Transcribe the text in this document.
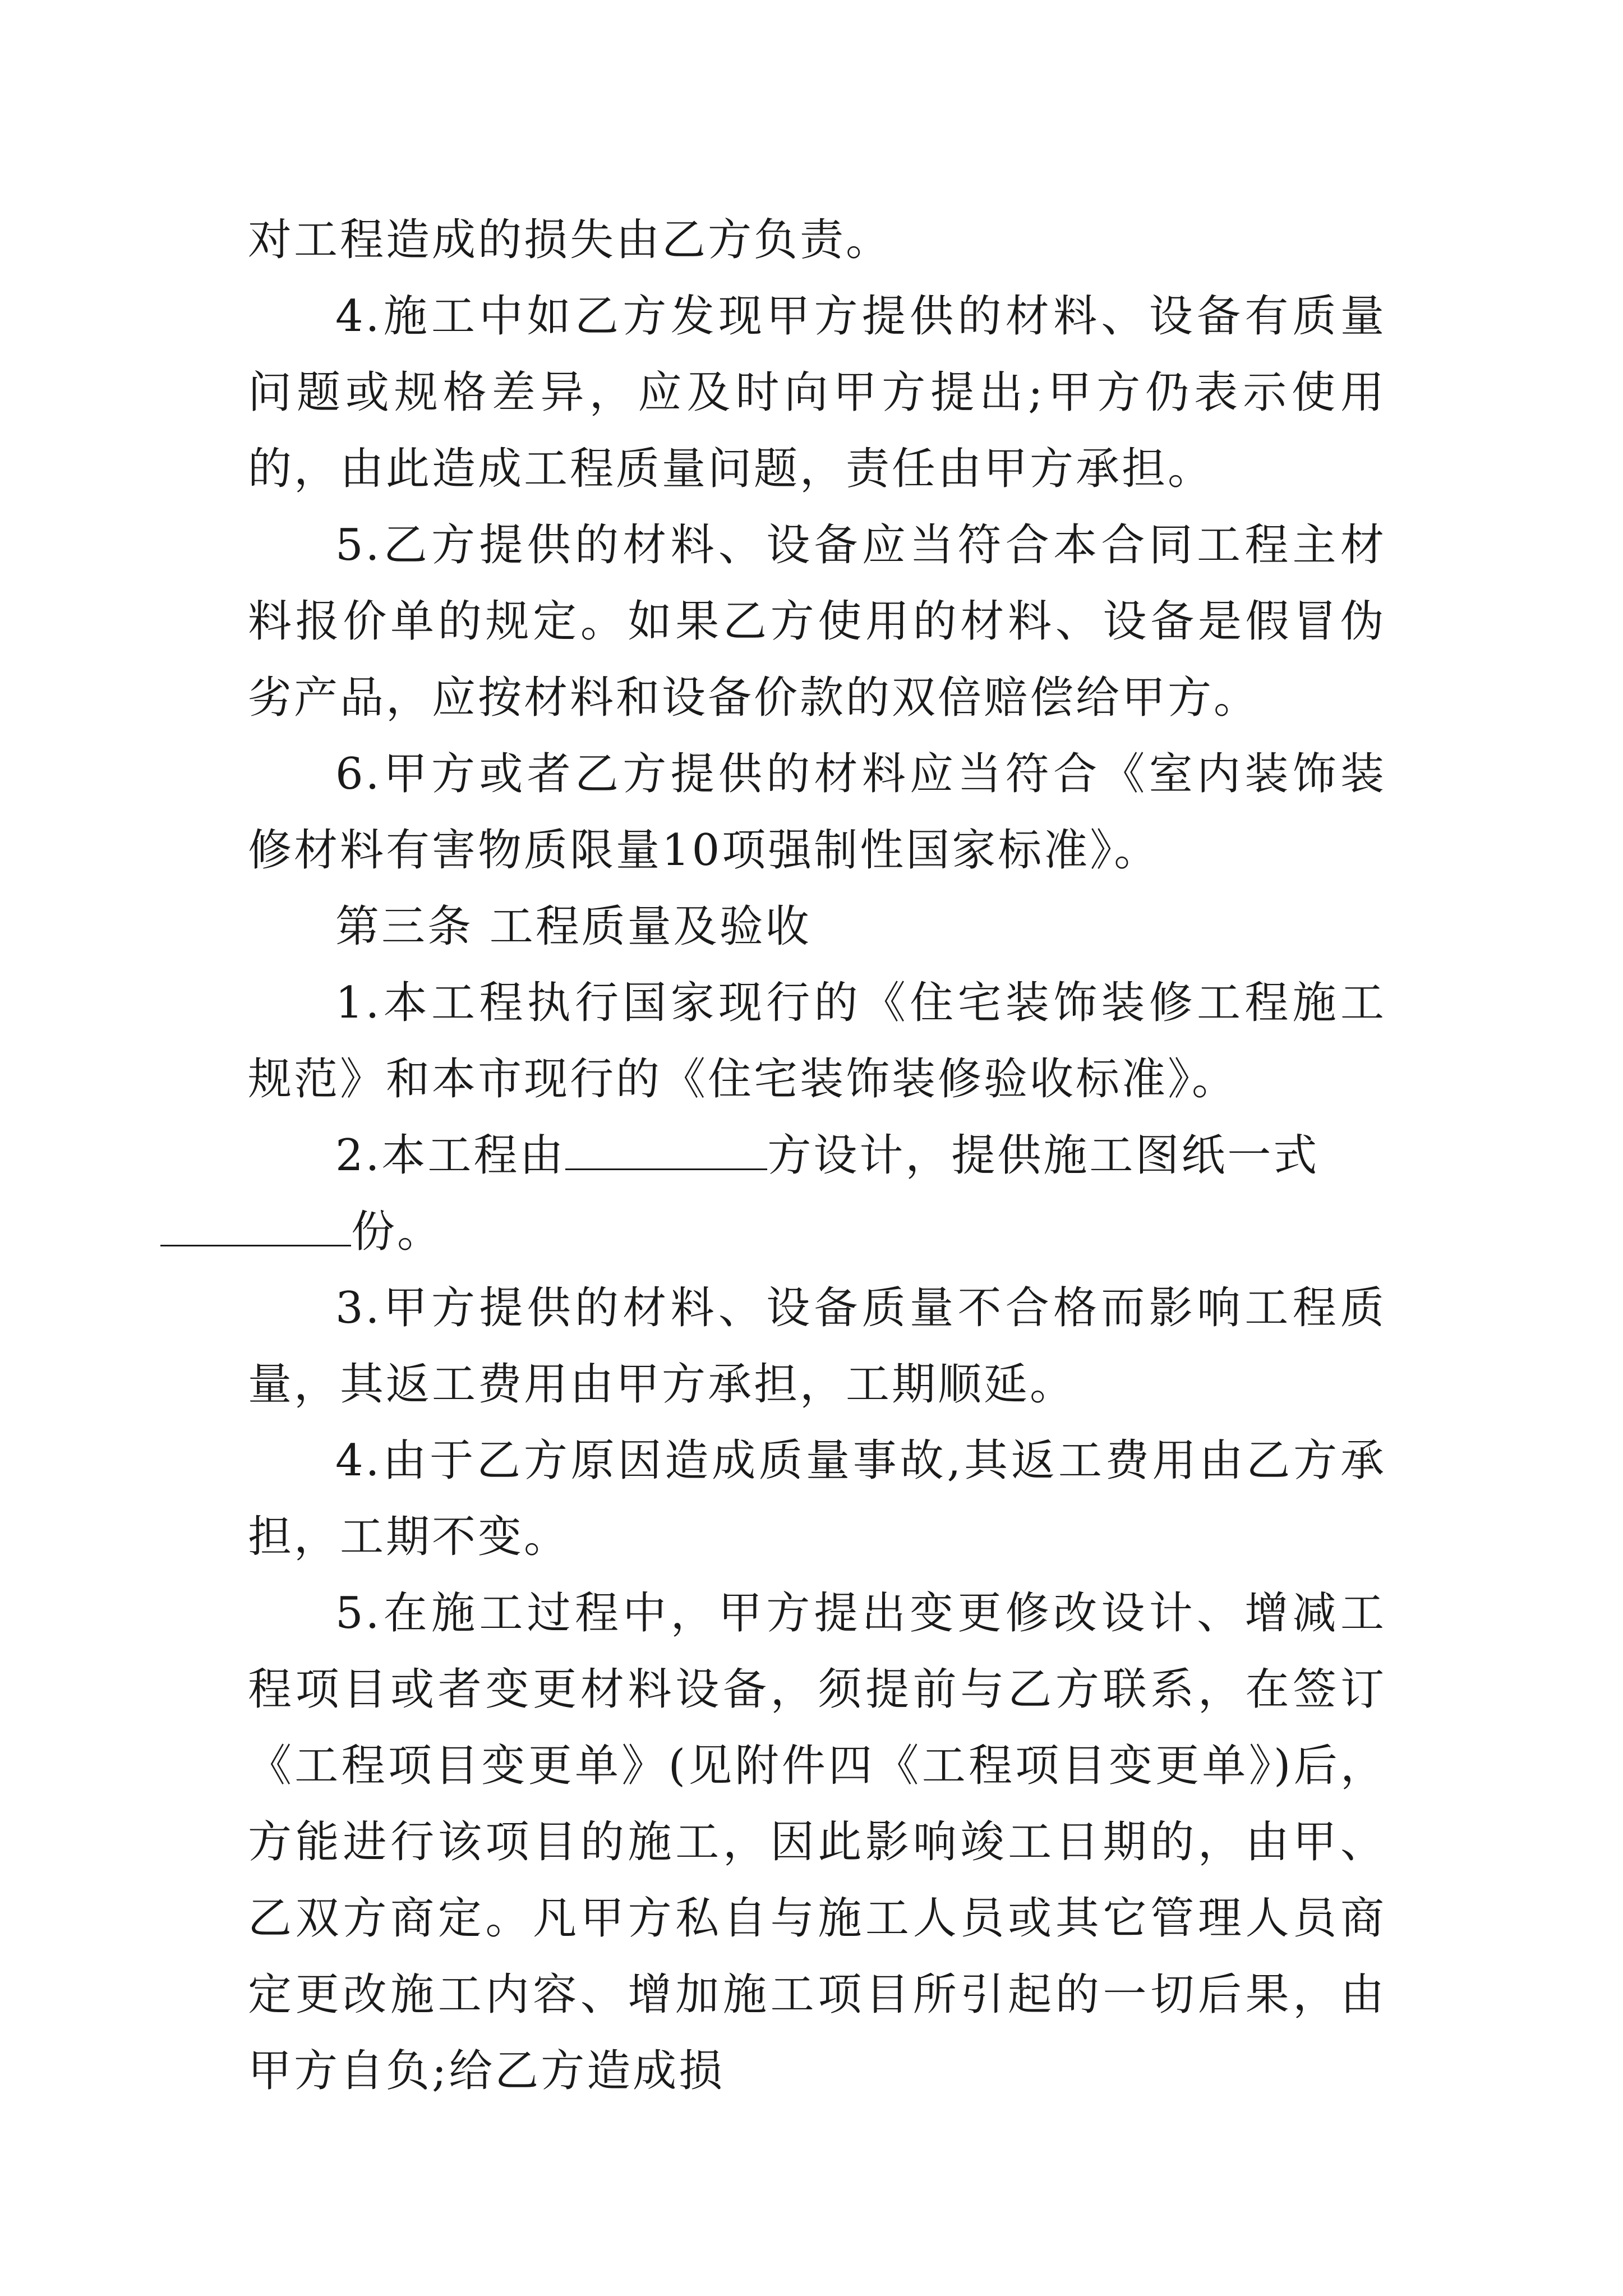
对工程造成的损失由乙方负责。

4.施工中如乙方发现甲方提供的材料、设备有质量问题或规格差异，应及时向甲方提出;甲方仍表示使用的，由此造成工程质量问题，责任由甲方承担。

5.乙方提供的材料、设备应当符合本合同工程主材料报价单的规定。如果乙方使用的材料、设备是假冒伪劣产品，应按材料和设备价款的双倍赔偿给甲方。

6.甲方或者乙方提供的材料应当符合《室内装饰装修材料有害物质限量10项强制性国家标准》。

第三条 工程质量及验收

1.本工程执行国家现行的《住宅装饰装修工程施工规范》和本市现行的《住宅装饰装修验收标准》。

2.本工程由	方设计，提供施工图纸一式
份。

3.甲方提供的材料、设备质量不合格而影响工程质量，其返工费用由甲方承担，工期顺延。

4.由于乙方原因造成质量事故,其返工费用由乙方承担，工期不变。

5.在施工过程中，甲方提出变更修改设计、增减工程项目或者变更材料设备，须提前与乙方联系，在签订《工程项目变更单》(见附件四《工程项目变更单》)后，方能进行该项目的施工，因此影响竣工日期的，由甲、乙双方商定。凡甲方私自与施工人员或其它管理人员商定更改施工内容、增加施工项目所引起的一切后果，由甲方自负;给乙方造成损
